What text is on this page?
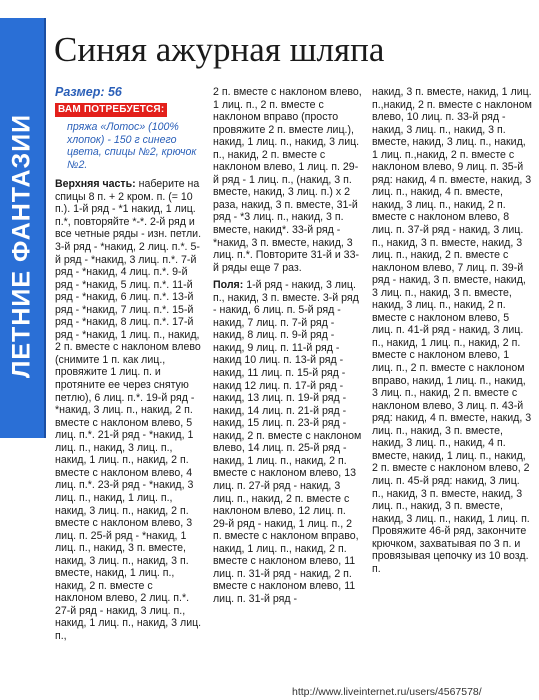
ЛЕТНИЕ ФАНТАЗИИ
Синяя ажурная шляпа
Размер: 56
ВАМ ПОТРЕБУЕТСЯ:

пряжа «Лотос» (100% хлопок) - 150 г синего цвета, спицы №2, крючок №2.

Верхняя часть: наберите на спицы 8 п. + 2 кром. п. (= 10 п.). 1-й ряд - *1 накид, 1 лиц. п.*, повторяйте *-*. 2-й ряд и все четные ряды - изн. петли. 3-й ряд - *накид, 2 лиц. п.*. 5-й ряд - *накид, 3 лиц. п.*. 7-й ряд - *накид, 4 лиц. п.*. 9-й ряд - *накид, 5 лиц. п.*. 11-й ряд - *накид, 6 лиц. п.*. 13-й ряд - *накид, 7 лиц. п.*. 15-й ряд - *накид, 8 лиц. п.*. 17-й ряд - *накид, 1 лиц. п., накид, 2 п. вместе с наклоном влево (снимите 1 п. как лиц., провяжите 1 лиц. п. и протяните ее через снятую петлю), 6 лиц. п.*. 19-й ряд - *накид, 3 лиц. п., накид, 2 п. вместе с наклоном влево, 5 лиц. п.*. 21-й ряд - *накид, 1 лиц. п., накид, 3 лиц. п., накид, 1 лиц. п., накид, 2 п. вместе с наклоном влево, 4 лиц. п.*. 23-й ряд - *накид, 3 лиц. п., накид, 1 лиц. п., накид, 3 лиц. п., накид, 2 п. вместе с наклоном влево, 3 лиц. п. 25-й ряд - *накид, 1 лиц. п., накид, 3 п. вместе, накид, 3 лиц. п., накид, 3 п. вместе, накид, 1 лиц. п., накид, 2 п. вместе с наклоном влево, 2 лиц. п.*. 27-й ряд - накид, 3 лиц. п., накид, 1 лиц. п., накид, 3 лиц. п.,

2 п. вместе с наклоном влево, 1 лиц. п., 2 п. вместе с наклоном вправо (просто провяжите 2 п. вместе лиц.), накид, 1 лиц. п., накид, 3 лиц. п., накид, 2 п. вместе с наклоном влево, 1 лиц. п. 29-й ряд - 1 лиц. п., (накид, 3 п. вместе, накид, 3 лиц. п.) х 2 раза, накид, 3 п. вместе, 31-й ряд - *3 лиц. п., накид, 3 п. вместе, накид*. 33-й ряд - *накид, 3 п. вместе, накид, 3 лиц. п.*. Повторите 31-й и 33-й ряды еще 7 раз.

Поля: 1-й ряд - накид, 3 лиц. п., накид, 3 п. вместе. 3-й ряд - накид, 6 лиц. п. 5-й ряд - накид, 7 лиц. п. 7-й ряд - накид, 8 лиц. п. 9-й ряд - накид, 9 лиц. п. 11-й ряд - накид 10 лиц. п. 13-й ряд - накид, 11 лиц. п. 15-й ряд - накид 12 лиц. п. 17-й ряд - накид, 13 лиц. п. 19-й ряд - накид, 14 лиц. п. 21-й ряд - накид, 15 лиц. п. 23-й ряд - накид, 2 п. вместе с наклоном влево, 14 лиц. п. 25-й ряд - накид, 1 лиц. п., накид, 2 п. вместе с наклоном влево, 13 лиц. п. 27-й ряд - накид, 3 лиц. п., накид, 2 п. вместе с наклоном влево, 12 лиц. п. 29-й ряд - накид, 1 лиц. п., 2 п. вместе с наклоном вправо, накид, 1 лиц. п., накид, 2 п. вместе с наклоном влево, 11 лиц. п. 31-й ряд - накид, 2 п. вместе с наклоном влево, 11 лиц. п. 31-й ряд -

накид, 3 п. вместе, накид, 1 лиц. п.,накид, 2 п. вместе с наклоном влево, 10 лиц. п. 33-й ряд - накид, 3 лиц. п., накид, 3 п. вместе, накид, 3 лиц. п., накид, 1 лиц. п.,накид, 2 п. вместе с наклоном влево, 9 лиц. п. 35-й ряд: накид, 4 п. вместе, накид, 3 лиц. п., накид, 4 п. вместе, накид, 3 лиц. п., накид, 2 п. вместе с наклоном влево, 8 лиц. п. 37-й ряд - накид, 3 лиц. п., накид, 3 п. вместе, накид, 3 лиц. п., накид, 2 п. вместе с наклоном влево, 7 лиц. п. 39-й ряд - накид, 3 п. вместе, накид, 3 лиц. п., накид, 3 п. вместе, накид, 3 лиц. п., накид, 2 п. вместе с наклоном влево, 5 лиц. п. 41-й ряд - накид, 3 лиц. п., накид, 1 лиц. п., накид, 2 п. вместе с наклоном влево, 1 лиц. п., 2 п. вместе с наклоном вправо, накид, 1 лиц. п., накид, 3 лиц. п., накид, 2 п. вместе с наклоном влево, 3 лиц. п. 43-й ряд: накид, 4 п. вместе, накид, 3 лиц. п., накид, 3 п. вместе, накид, 3 лиц. п., накид, 4 п. вместе, накид, 1 лиц. п., накид, 2 п. вместе с наклоном влево, 2 лиц. п. 45-й ряд: накид, 3 лиц. п., накид, 3 п. вместе, накид, 3 лиц. п., накид, 3 п. вместе, накид, 3 лиц. п., накид, 1 лиц. п. Провяжите 46-й ряд, закончите крючком, захватывая по 3 п. и провязывая цепочку из 10 возд. п.

http://www.liveinternet.ru/users/4567578/
